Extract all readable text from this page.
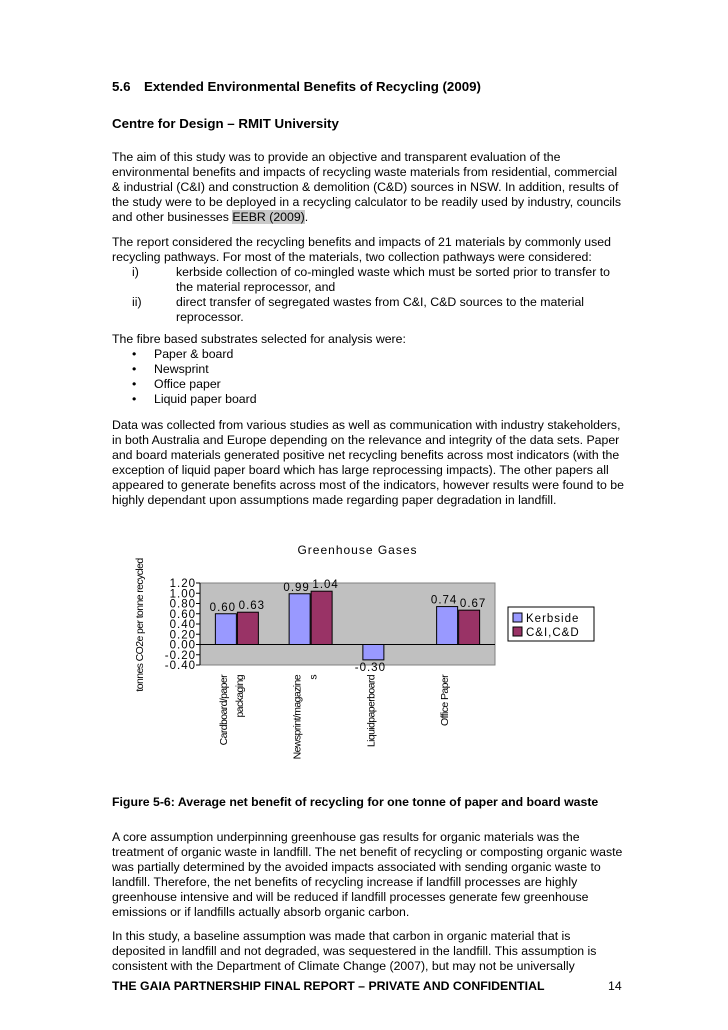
5.6 Extended Environmental Benefits of Recycling (2009)
Centre for Design – RMIT University

The aim of this study was to provide an objective and transparent evaluation of the environmental benefits and impacts of recycling waste materials from residential, commercial & industrial (C&I) and construction & demolition (C&D) sources in NSW. In addition, results of the study were to be deployed in a recycling calculator to be readily used by industry, councils and other businesses EEBR (2009).

The report considered the recycling benefits and impacts of 21 materials by commonly used recycling pathways. For most of the materials, two collection pathways were considered:

i)	kerbside collection of co-mingled waste which must be sorted prior to transfer to the material reprocessor, and
ii)	direct transfer of segregated wastes from C&I, C&D sources to the material reprocessor.

The fibre based substrates selected for analysis were:

• Paper & board
• Newsprint
• Office paper
• Liquid paper board
Data was collected from various studies as well as communication with industry stakeholders, in both Australia and Europe depending on the relevance and integrity of the data sets. Paper and board materials generated positive net recycling benefits across most indicators (with the exception of liquid paper board which has large reprocessing impacts). The other papers all appeared to generate benefits across most of the indicators, however results were found to be highly dependant upon assumptions made regarding paper degradation in landfill.
Greenhouse Gases
tonnes CO2e per tonne recycled 1.20
1.00
0.80
0.60
0.40
0.20
0.00
-0.20
-0.40
0.60
0.99
-0.30
0.74
0.63
1.04
0.67
Cardboard/paper packaging	Newsprint/magazine s	Liquidpaperboard	Office Paper
Kerbside
C&I,C&D
Figure 5-6: Average net benefit of recycling for one tonne of paper and board waste
A core assumption underpinning greenhouse gas results for organic materials was the treatment of organic waste in landfill. The net benefit of recycling or composting organic waste was partially determined by the avoided impacts associated with sending organic waste to landfill. Therefore, the net benefits of recycling increase if landfill processes are highly greenhouse intensive and will be reduced if landfill processes generate few greenhouse emissions or if landfills actually absorb organic carbon.
In this study, a baseline assumption was made that carbon in organic material that is deposited in landfill and not degraded, was sequestered in the landfill. This assumption is consistent with the Department of Climate Change (2007), but may not be universally
THE GAIA PARTNERSHIP FINAL REPORT – PRIVATE AND CONFIDENTIAL	14
